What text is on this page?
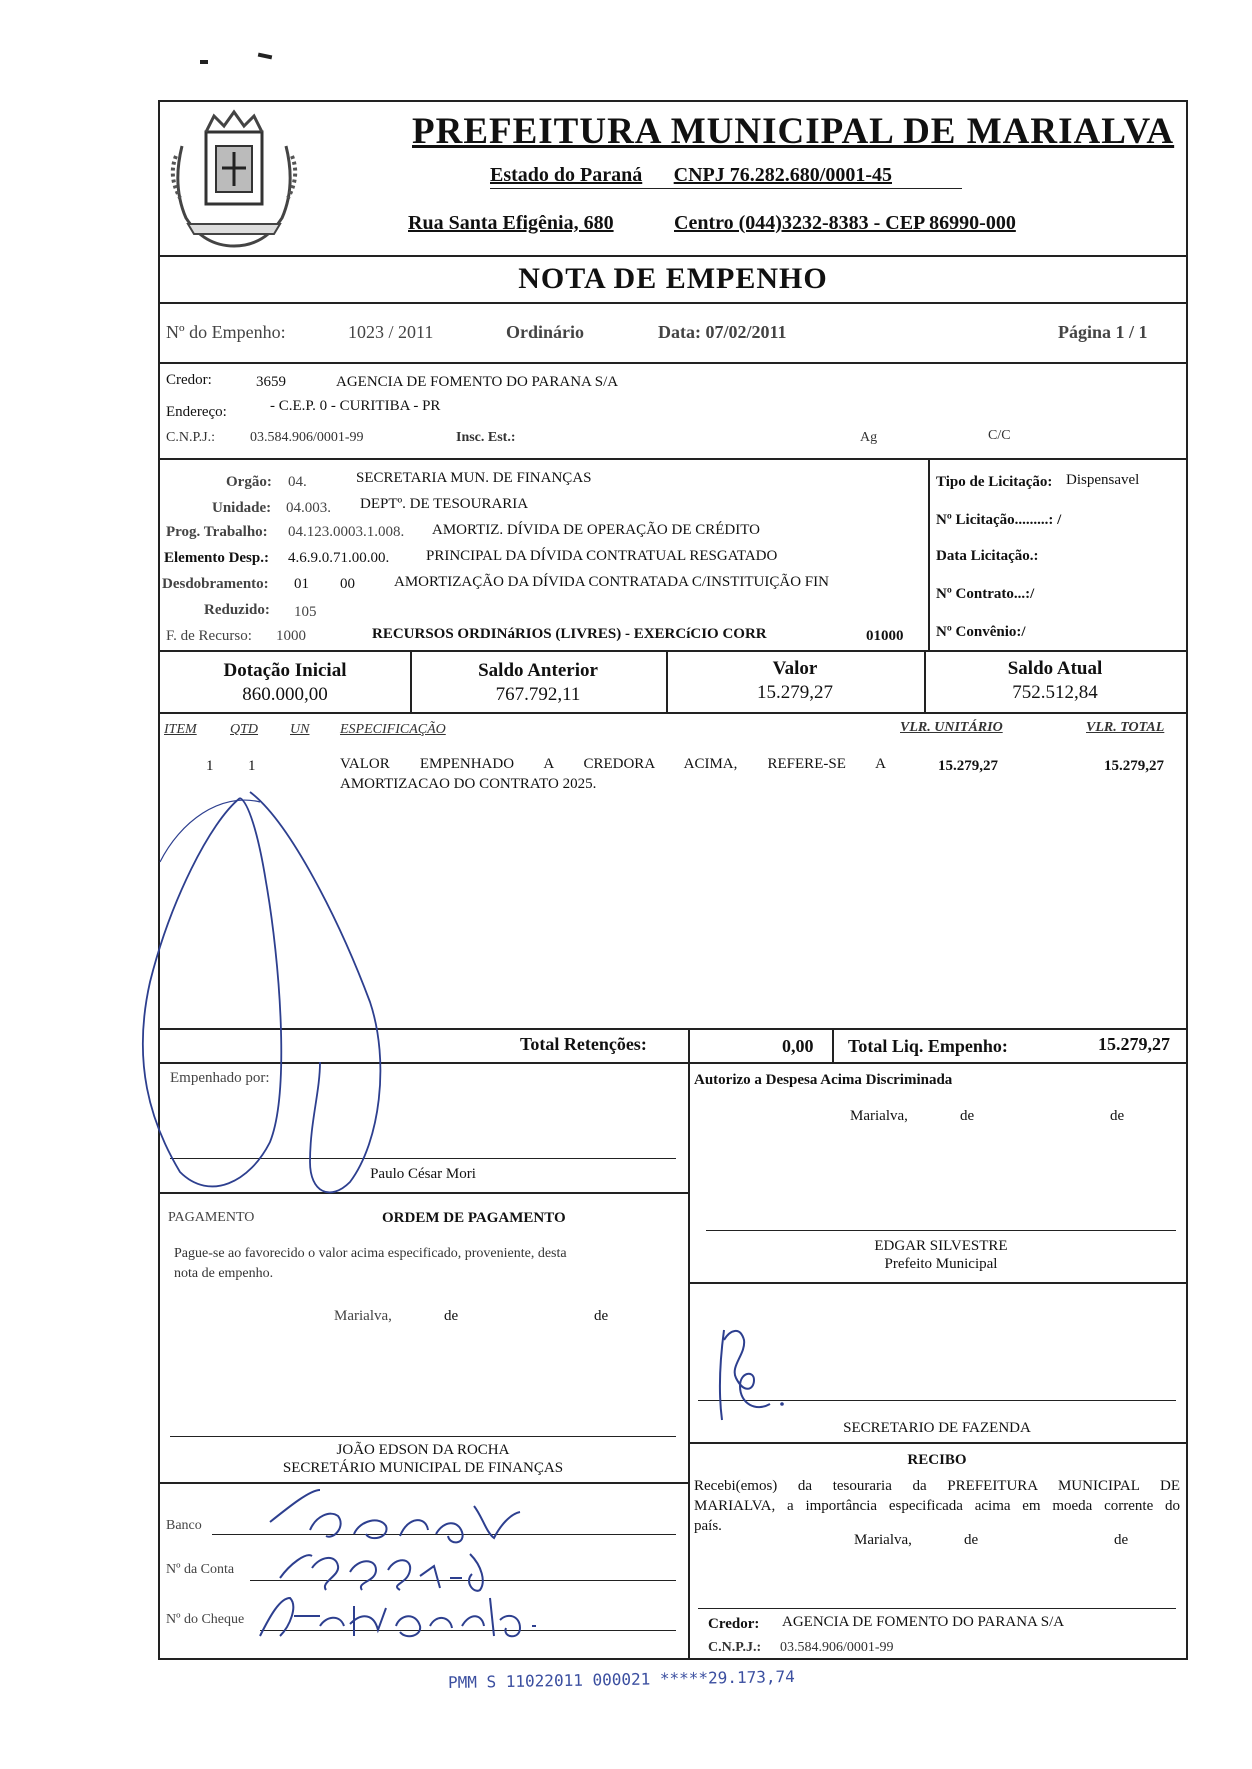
PREFEITURA MUNICIPAL DE MARIALVA
Estado do Paraná	CNPJ 76.282.680/0001-45
Rua Santa Efigênia, 680	Centro (044)3232-8383 - CEP 86990-000
NOTA DE EMPENHO
Nº do Empenho:	1023 / 2011	Ordinário	Data: 07/02/2011	Página 1 / 1
Credor:	3659	AGENCIA DE FOMENTO DO PARANA S/A
Endereço:	- C.E.P. 0 - CURITIBA - PR
C.N.P.J.: 03.584.906/0001-99	Insc. Est.:	Ag	C/C
Orgão: 04.	SECRETARIA MUN. DE FINANÇAS
Unidade: 04.003. DEPTº. DE TESOURARIA
Prog. Trabalho: 04.123.0003.1.008. AMORTIZ. DÍVIDA DE OPERAÇÃO DE CRÉDITO
Elemento Desp.: 4.6.9.0.71.00.00. PRINCIPAL DA DÍVIDA CONTRATUAL RESGATADO
Desdobramento: 01 00	AMORTIZAÇÃO DA DÍVIDA CONTRATADA C/INSTITUIÇÃO FIN
Reduzido: 105
F. de Recurso: 1000	RECURSOS ORDINáRIOS (LIVRES) - EXERCíCIO CORR	01000
Tipo de Licitação: Dispensavel
Nº Licitação.........: /
Data Licitação.:
Nº Contrato...:/
Nº Convênio:/
Dotação Inicial
860.000,00
Saldo Anterior
767.792,11
Valor
15.279,27
Saldo Atual
752.512,84
ITEM QTD UN ESPECIFICAÇÃO	VLR. UNITÁRIO	VLR. TOTAL
1 1	VALOR EMPENHADO A CREDORA ACIMA, REFERE-SE A
AMORTIZACAO DO CONTRATO 2025.
15.279,27	15.279,27
Total Retenções:	0,00 Total Liq. Empenho:	15.279,27
Empenhado por:
Paulo César Mori
Autorizo a Despesa Acima Discriminada
Marialva,	de	de
EDGAR SILVESTRE
Prefeito Municipal
PAGAMENTO	ORDEM DE PAGAMENTO
Pague-se ao favorecido o valor acima especificado, proveniente, desta
nota de empenho.
Marialva,	de	de
JOÃO EDSON DA ROCHA
SECRETÁRIO MUNICIPAL DE FINANÇAS
SECRETARIO DE FAZENDA
RECIBO
Recebi(emos) da tesouraria da PREFEITURA MUNICIPAL DE
MARIALVA, a importância especificada acima em moeda corrente do
país.
Marialva,	de	de
Credor: AGENCIA DE FOMENTO DO PARANA S/A
C.N.P.J.: 03.584.906/0001-99
Banco
Nº da Conta
Nº do Cheque
PMM S 11022011 000021 *****29.173,74
